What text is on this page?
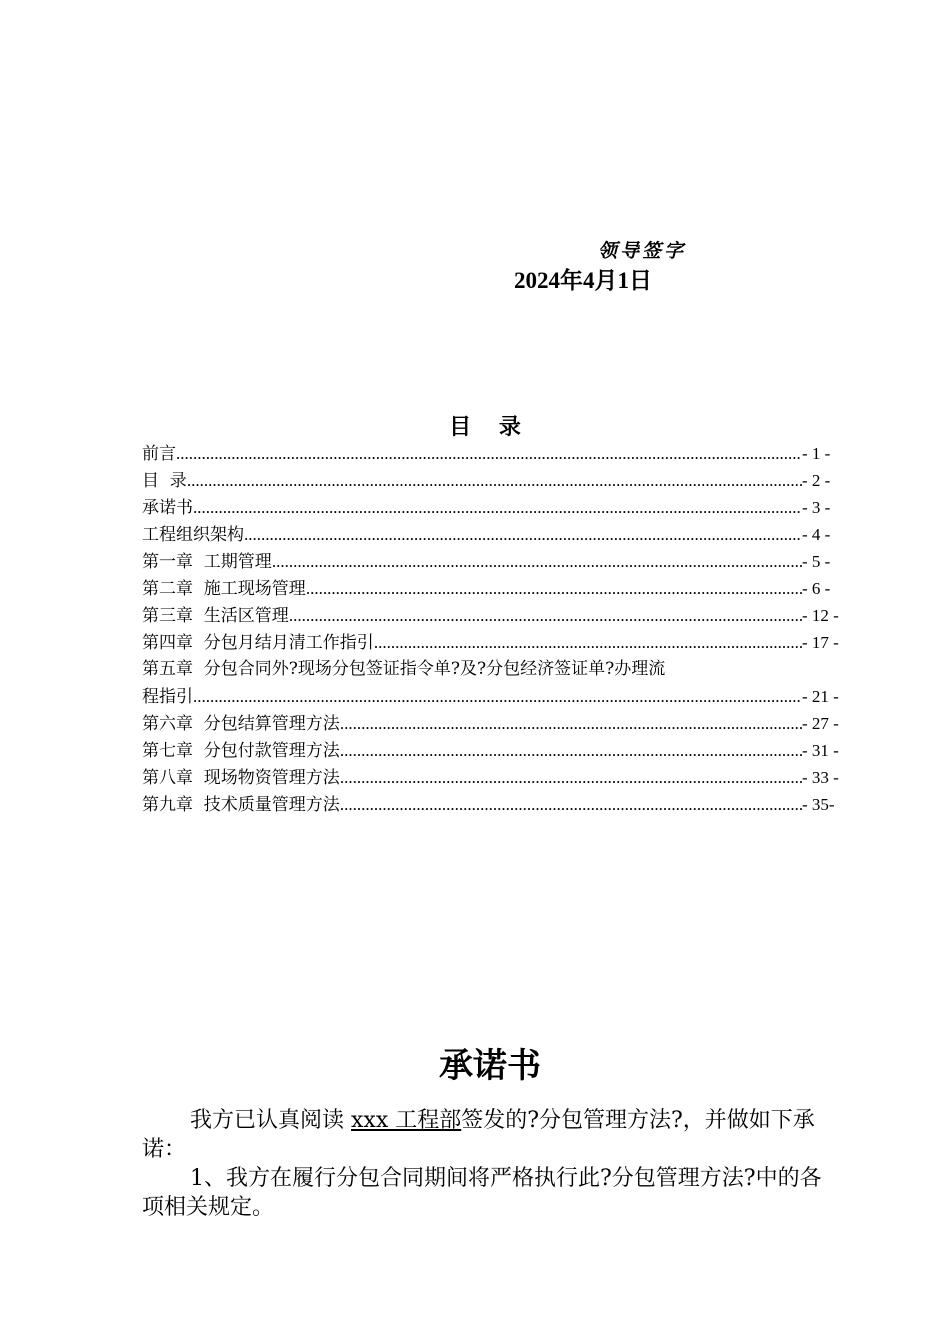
领导签字
2024年4月1日
目 录
前言 .....	- 1 -
目  录 .....	- 2 -
承诺书 .....	- 3 -
工程组织架构 .....	- 4 -
第一章  工期管理 .....	- 5 -
第二章  施工现场管理 .....	- 6 -
第三章  生活区管理 .....	- 12 -
第四章  分包月结月清工作指引 .....	- 17 -
第五章  分包合同外?现场分包签证指令单?及?分包经济签证单?办理流
程指引 .....	- 21 -
第六章  分包结算管理方法 .....	- 27 -
第七章  分包付款管理方法 .....	- 31 -
第八章  现场物资管理方法 .....	- 33 -
第九章  技术质量管理方法 .....	- 35-
承诺书

我方已认真阅读 xxx 工程部签发的?分包管理方法?，并做如下承诺：

1、我方在履行分包合同期间将严格执行此?分包管理方法?中的各项相关规定。
